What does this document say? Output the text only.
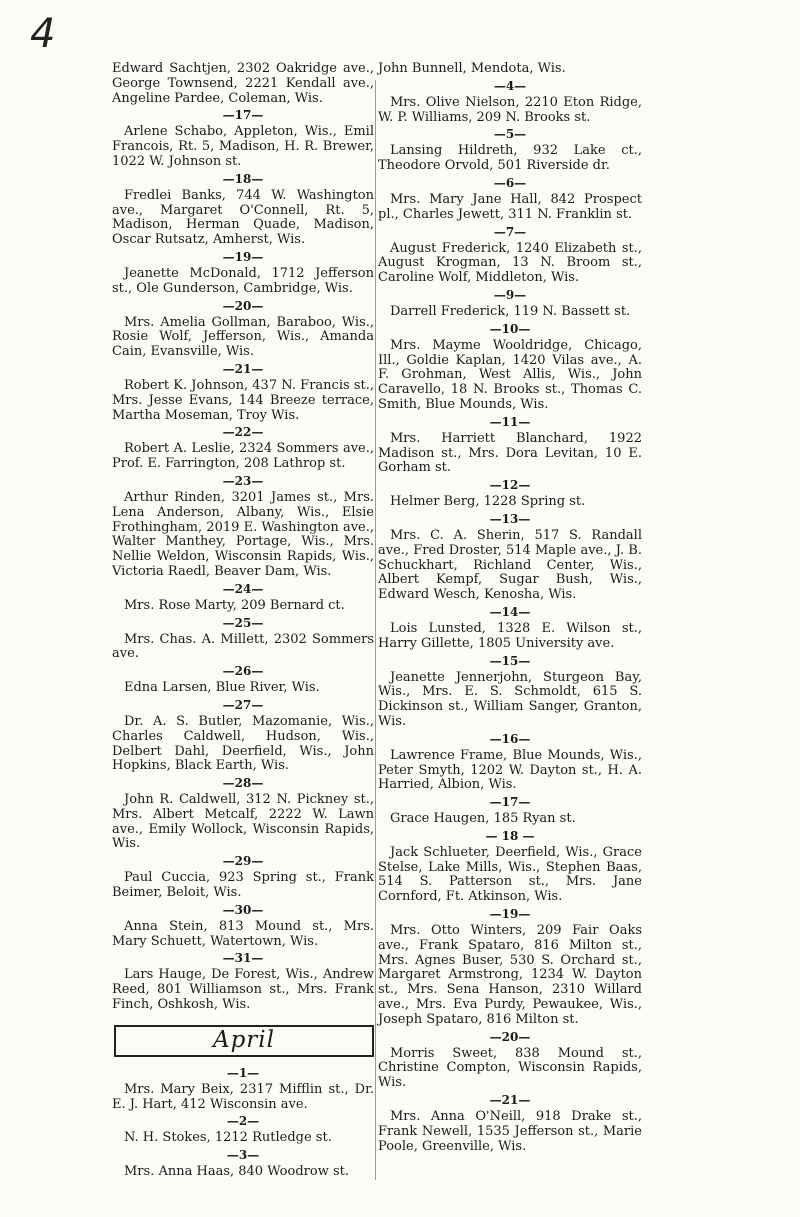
4
Edward Sachtjen, 2302 Oakridge ave., George Townsend, 2221 Kendall ave., Angeline Pardee, Coleman, Wis.
—17—
Arlene Schabo, Appleton, Wis., Emil Francois, Rt. 5, Madison, H. R. Brewer, 1022 W. Johnson st.
—18—
Fredlei Banks, 744 W. Washington ave., Margaret O'Connell, Rt. 5, Madison, Herman Quade, Madison, Oscar Rutsatz, Amherst, Wis.
—19—
Jeanette McDonald, 1712 Jefferson st., Ole Gunderson, Cambridge, Wis.
—20—
Mrs. Amelia Gollman, Baraboo, Wis., Rosie Wolf, Jefferson, Wis., Amanda Cain, Evansville, Wis.
—21—
Robert K. Johnson, 437 N. Francis st., Mrs. Jesse Evans, 144 Breeze terrace, Martha Moseman, Troy Wis.
—22—
Robert A. Leslie, 2324 Sommers ave., Prof. E. Farrington, 208 Lathrop st.
—23—
Arthur Rinden, 3201 James st., Mrs. Lena Anderson, Albany, Wis., Elsie Frothingham, 2019 E. Washington ave., Walter Manthey, Portage, Wis., Mrs. Nellie Weldon, Wisconsin Rapids, Wis., Victoria Raedl, Beaver Dam, Wis.
—24—
Mrs. Rose Marty, 209 Bernard ct.
—25—
Mrs. Chas. A. Millett, 2302 Sommers ave.
—26—
Edna Larsen, Blue River, Wis.
—27—
Dr. A. S. Butler, Mazomanie, Wis., Charles Caldwell, Hudson, Wis., Delbert Dahl, Deerfield, Wis., John Hopkins, Black Earth, Wis.
—28—
John R. Caldwell, 312 N. Pickney st., Mrs. Albert Metcalf, 2222 W. Lawn ave., Emily Wollock, Wisconsin Rapids, Wis.
—29—
Paul Cuccia, 923 Spring st., Frank Beimer, Beloit, Wis.
—30—
Anna Stein, 813 Mound st., Mrs. Mary Schuett, Watertown, Wis.
—31—
Lars Hauge, De Forest, Wis., Andrew Reed, 801 Williamson st., Mrs. Frank Finch, Oshkosh, Wis.
April
—1—
Mrs. Mary Beix, 2317 Mifflin st., Dr. E. J. Hart, 412 Wisconsin ave.
—2—
N. H. Stokes, 1212 Rutledge st.
—3—
Mrs. Anna Haas, 840 Woodrow st.
John Bunnell, Mendota, Wis.
—4—
Mrs. Olive Nielson, 2210 Eton Ridge, W. P. Williams, 209 N. Brooks st.
—5—
Lansing Hildreth, 932 Lake ct., Theodore Orvold, 501 Riverside dr.
—6—
Mrs. Mary Jane Hall, 842 Prospect pl., Charles Jewett, 311 N. Franklin st.
—7—
August Frederick, 1240 Elizabeth st., August Krogman, 13 N. Broom st., Caroline Wolf, Middleton, Wis.
—9—
Darrell Frederick, 119 N. Bassett st.
—10—
Mrs. Mayme Wooldridge, Chicago, Ill., Goldie Kaplan, 1420 Vilas ave., A. F. Grohman, West Allis, Wis., John Caravello, 18 N. Brooks st., Thomas C. Smith, Blue Mounds, Wis.
—11—
Mrs. Harriett Blanchard, 1922 Madison st., Mrs. Dora Levitan, 10 E. Gorham st.
—12—
Helmer Berg, 1228 Spring st.
—13—
Mrs. C. A. Sherin, 517 S. Randall ave., Fred Droster, 514 Maple ave., J. B. Schuckhart, Richland Center, Wis., Albert Kempf, Sugar Bush, Wis., Edward Wesch, Kenosha, Wis.
—14—
Lois Lunsted, 1328 E. Wilson st., Harry Gillette, 1805 University ave.
—15—
Jeanette Jennerjohn, Sturgeon Bay, Wis., Mrs. E. S. Schmoldt, 615 S. Dickinson st., William Sanger, Granton, Wis.
—16—
Lawrence Frame, Blue Mounds, Wis., Peter Smyth, 1202 W. Dayton st., H. A. Harried, Albion, Wis.
—17—
Grace Haugen, 185 Ryan st.
— 18 —
Jack Schlueter, Deerfield, Wis., Grace Stelse, Lake Mills, Wis., Stephen Baas, 514 S. Patterson st., Mrs. Jane Cornford, Ft. Atkinson, Wis.
—19—
Mrs. Otto Winters, 209 Fair Oaks ave., Frank Spataro, 816 Milton st., Mrs. Agnes Buser, 530 S. Orchard st., Margaret Armstrong, 1234 W. Dayton st., Mrs. Sena Hanson, 2310 Willard ave., Mrs. Eva Purdy, Pewaukee, Wis., Joseph Spataro, 816 Milton st.
—20—
Morris Sweet, 838 Mound st., Christine Compton, Wisconsin Rapids, Wis.
—21—
Mrs. Anna O'Neill, 918 Drake st., Frank Newell, 1535 Jefferson st., Marie Poole, Greenville, Wis.
